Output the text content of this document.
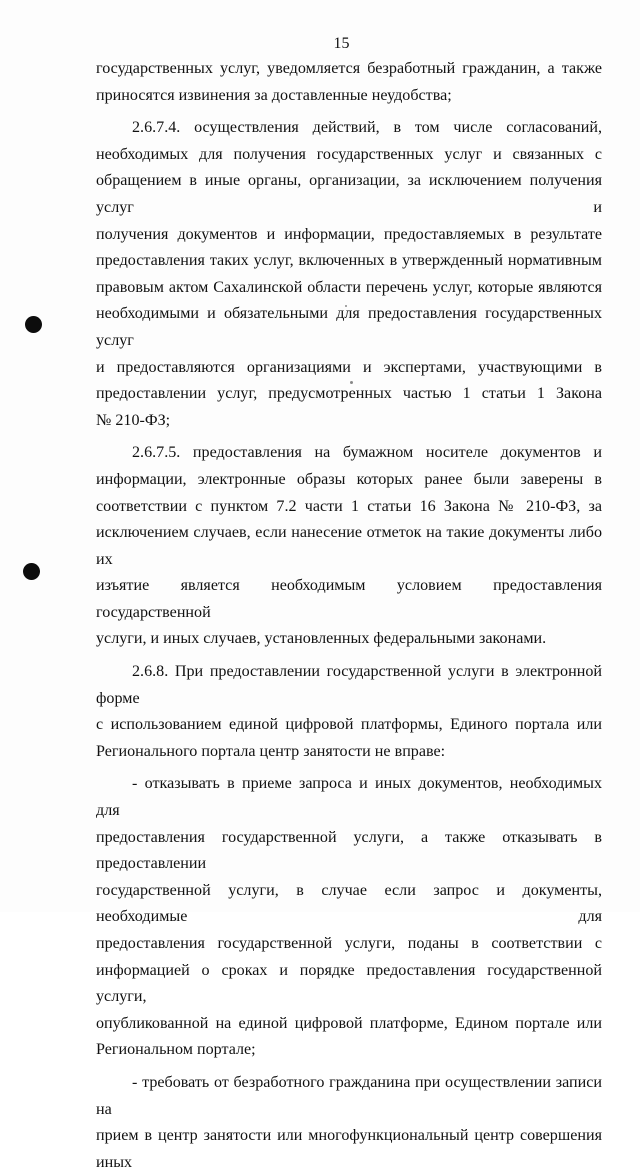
15

государственных услуг, уведомляется безработный гражданин, а также

приносятся извинения за доставленные неудобства;

2.6.7.4. осуществления действий, в том числе согласований,

необходимых для получения государственных услуг и связанных с

обращением в иные органы, организации, за исключением получения услуг и

получения документов и информации, предоставляемых в результате

предоставления таких услуг, включенных в утвержденный нормативным

правовым актом Сахалинской области перечень услуг, которые являются

необходимыми и обязательными для предоставления государственных услуг

и предоставляются организациями и экспертами, участвующими в

предоставлении услуг, предусмотренных частью 1 статьи 1 Закона

№ 210-ФЗ;

2.6.7.5. предоставления на бумажном носителе документов и

информации, электронные образы которых ранее были заверены в

соответствии с пунктом 7.2 части 1 статьи 16 Закона № 210-ФЗ, за

исключением случаев, если нанесение отметок на такие документы либо их

изъятие является необходимым условием предоставления государственной

услуги, и иных случаев, установленных федеральными законами.

2.6.8. При предоставлении государственной услуги в электронной форме

с использованием единой цифровой платформы, Единого портала или

Регионального портала центр занятости не вправе:

- отказывать в приеме запроса и иных документов, необходимых для

предоставления государственной услуги, а также отказывать в предоставлении

государственной услуги, в случае если запрос и документы, необходимые для

предоставления государственной услуги, поданы в соответствии с

информацией о сроках и порядке предоставления государственной услуги,

опубликованной на единой цифровой платформе, Едином портале или

Региональном портале;

- требовать от безработного гражданина при осуществлении записи на

прием в центр занятости или многофункциональный центр совершения иных
